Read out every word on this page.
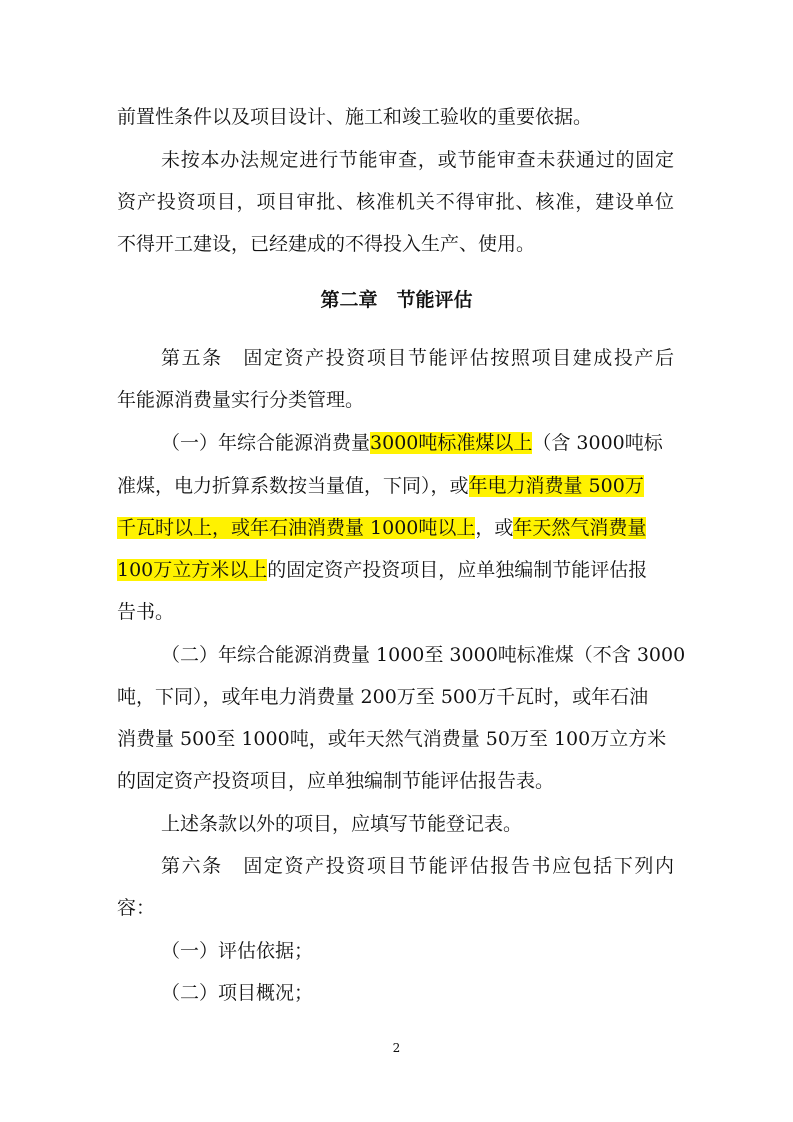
前置性条件以及项目设计、施工和竣工验收的重要依据。
未按本办法规定进行节能审查，或节能审查未获通过的固定
资产投资项目，项目审批、核准机关不得审批、核准，建设单位
不得开工建设，已经建成的不得投入生产、使用。
第二章　节能评估
第五条　固定资产投资项目节能评估按照项目建成投产后
年能源消费量实行分类管理。
（一）年综合能源消费量3000吨标准煤以上（含 3000吨标
准煤，电力折算系数按当量值，下同），或年电力消费量 500万
千瓦时以上，或年石油消费量 1000吨以上，或年天然气消费量
100万立方米以上的固定资产投资项目，应单独编制节能评估报
告书。
（二）年综合能源消费量 1000至 3000吨标准煤（不含 3000
吨，下同），或年电力消费量 200万至 500万千瓦时，或年石油
消费量 500至 1000吨，或年天然气消费量 50万至 100万立方米
的固定资产投资项目，应单独编制节能评估报告表。
上述条款以外的项目，应填写节能登记表。
第六条　固定资产投资项目节能评估报告书应包括下列内
容：
（一）评估依据；
（二）项目概况；
2
